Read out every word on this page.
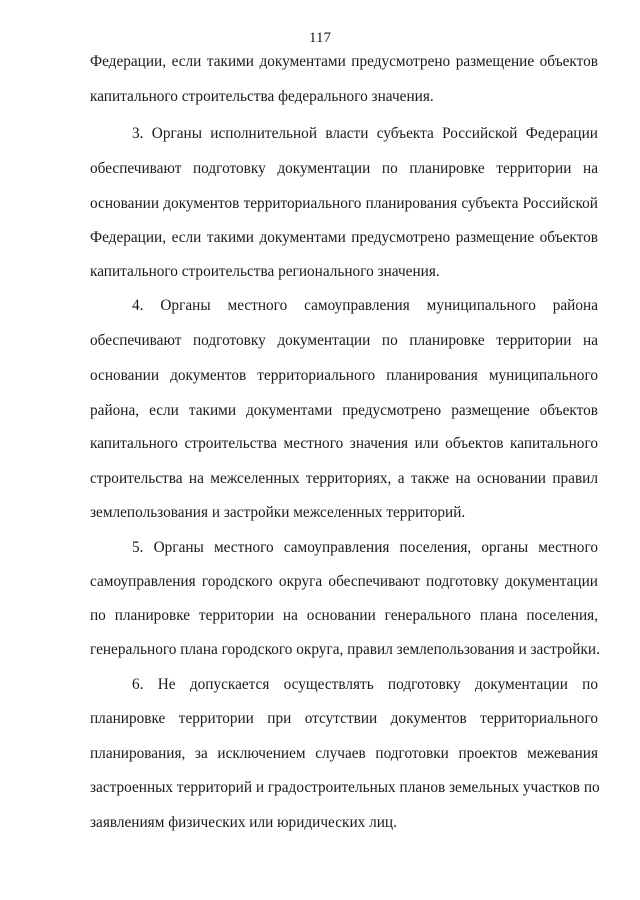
117
Федерации, если такими документами предусмотрено размещение объектов
капитального строительства федерального значения.
3. Органы исполнительной власти субъекта Российской Федерации
обеспечивают подготовку документации по планировке территории на
основании документов территориального планирования субъекта Российской
Федерации, если такими документами предусмотрено размещение объектов
капитального строительства регионального значения.
4. Органы местного самоуправления муниципального района
обеспечивают подготовку документации по планировке территории на
основании документов территориального планирования муниципального
района, если такими документами предусмотрено размещение объектов
капитального строительства местного значения или объектов капитального
строительства на межселенных территориях, а также на основании правил
землепользования и застройки межселенных территорий.
5. Органы местного самоуправления поселения, органы местного
самоуправления городского округа обеспечивают подготовку документации
по планировке территории на основании генерального плана поселения,
генерального плана городского округа, правил землепользования и застройки.
6. Не допускается осуществлять подготовку документации по
планировке территории при отсутствии документов территориального
планирования, за исключением случаев подготовки проектов межевания
застроенных территорий и градостроительных планов земельных участков по
заявлениям физических или юридических лиц.
